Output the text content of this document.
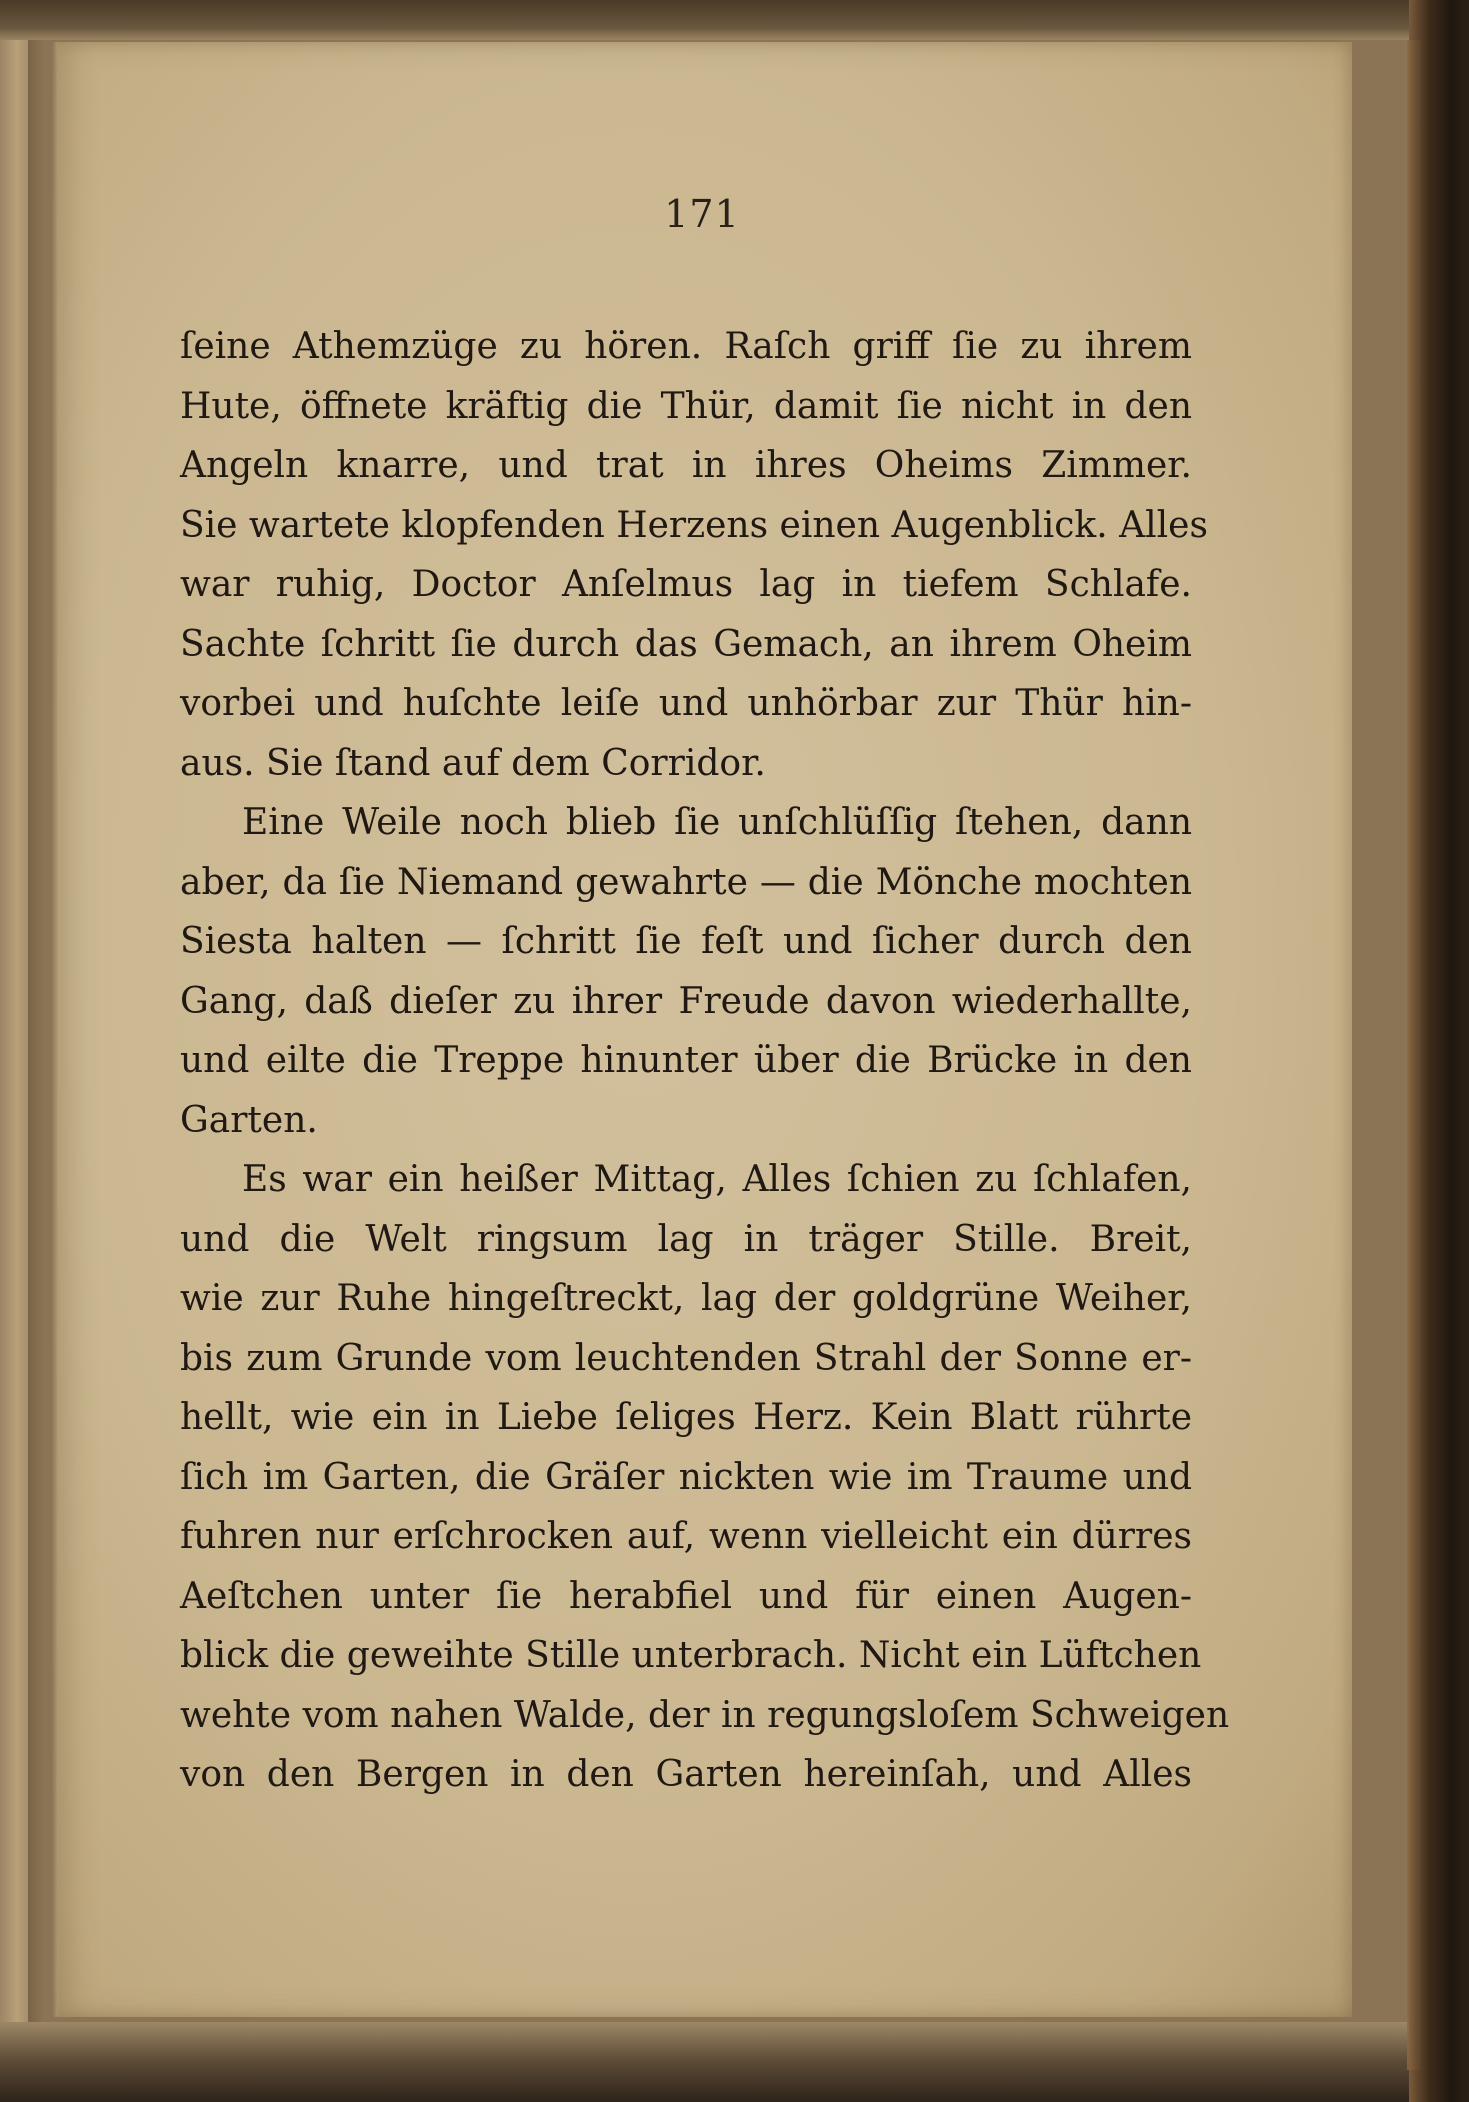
171
ſeine Athemzüge zu hören. Raſch griff ſie zu ihrem
Hute, öffnete kräftig die Thür, damit ſie nicht in den
Angeln knarre, und trat in ihres Oheims Zimmer.
Sie wartete klopfenden Herzens einen Augenblick. Alles
war ruhig, Doctor Anſelmus lag in tiefem Schlafe.
Sachte ſchritt ſie durch das Gemach, an ihrem Oheim
vorbei und huſchte leiſe und unhörbar zur Thür hin-
aus. Sie ſtand auf dem Corridor.
Eine Weile noch blieb ſie unſchlüſſig ſtehen, dann
aber, da ſie Niemand gewahrte — die Mönche mochten
Siesta halten — ſchritt ſie feſt und ſicher durch den
Gang, daß dieſer zu ihrer Freude davon wiederhallte,
und eilte die Treppe hinunter über die Brücke in den
Garten.
Es war ein heißer Mittag, Alles ſchien zu ſchlafen,
und die Welt ringsum lag in träger Stille. Breit,
wie zur Ruhe hingeſtreckt, lag der goldgrüne Weiher,
bis zum Grunde vom leuchtenden Strahl der Sonne er-
hellt, wie ein in Liebe ſeliges Herz. Kein Blatt rührte
ſich im Garten, die Gräſer nickten wie im Traume und
fuhren nur erſchrocken auf, wenn vielleicht ein dürres
Aeſtchen unter ſie herabfiel und für einen Augen-
blick die geweihte Stille unterbrach. Nicht ein Lüftchen
wehte vom nahen Walde, der in regungsloſem Schweigen
von den Bergen in den Garten hereinſah, und Alles
